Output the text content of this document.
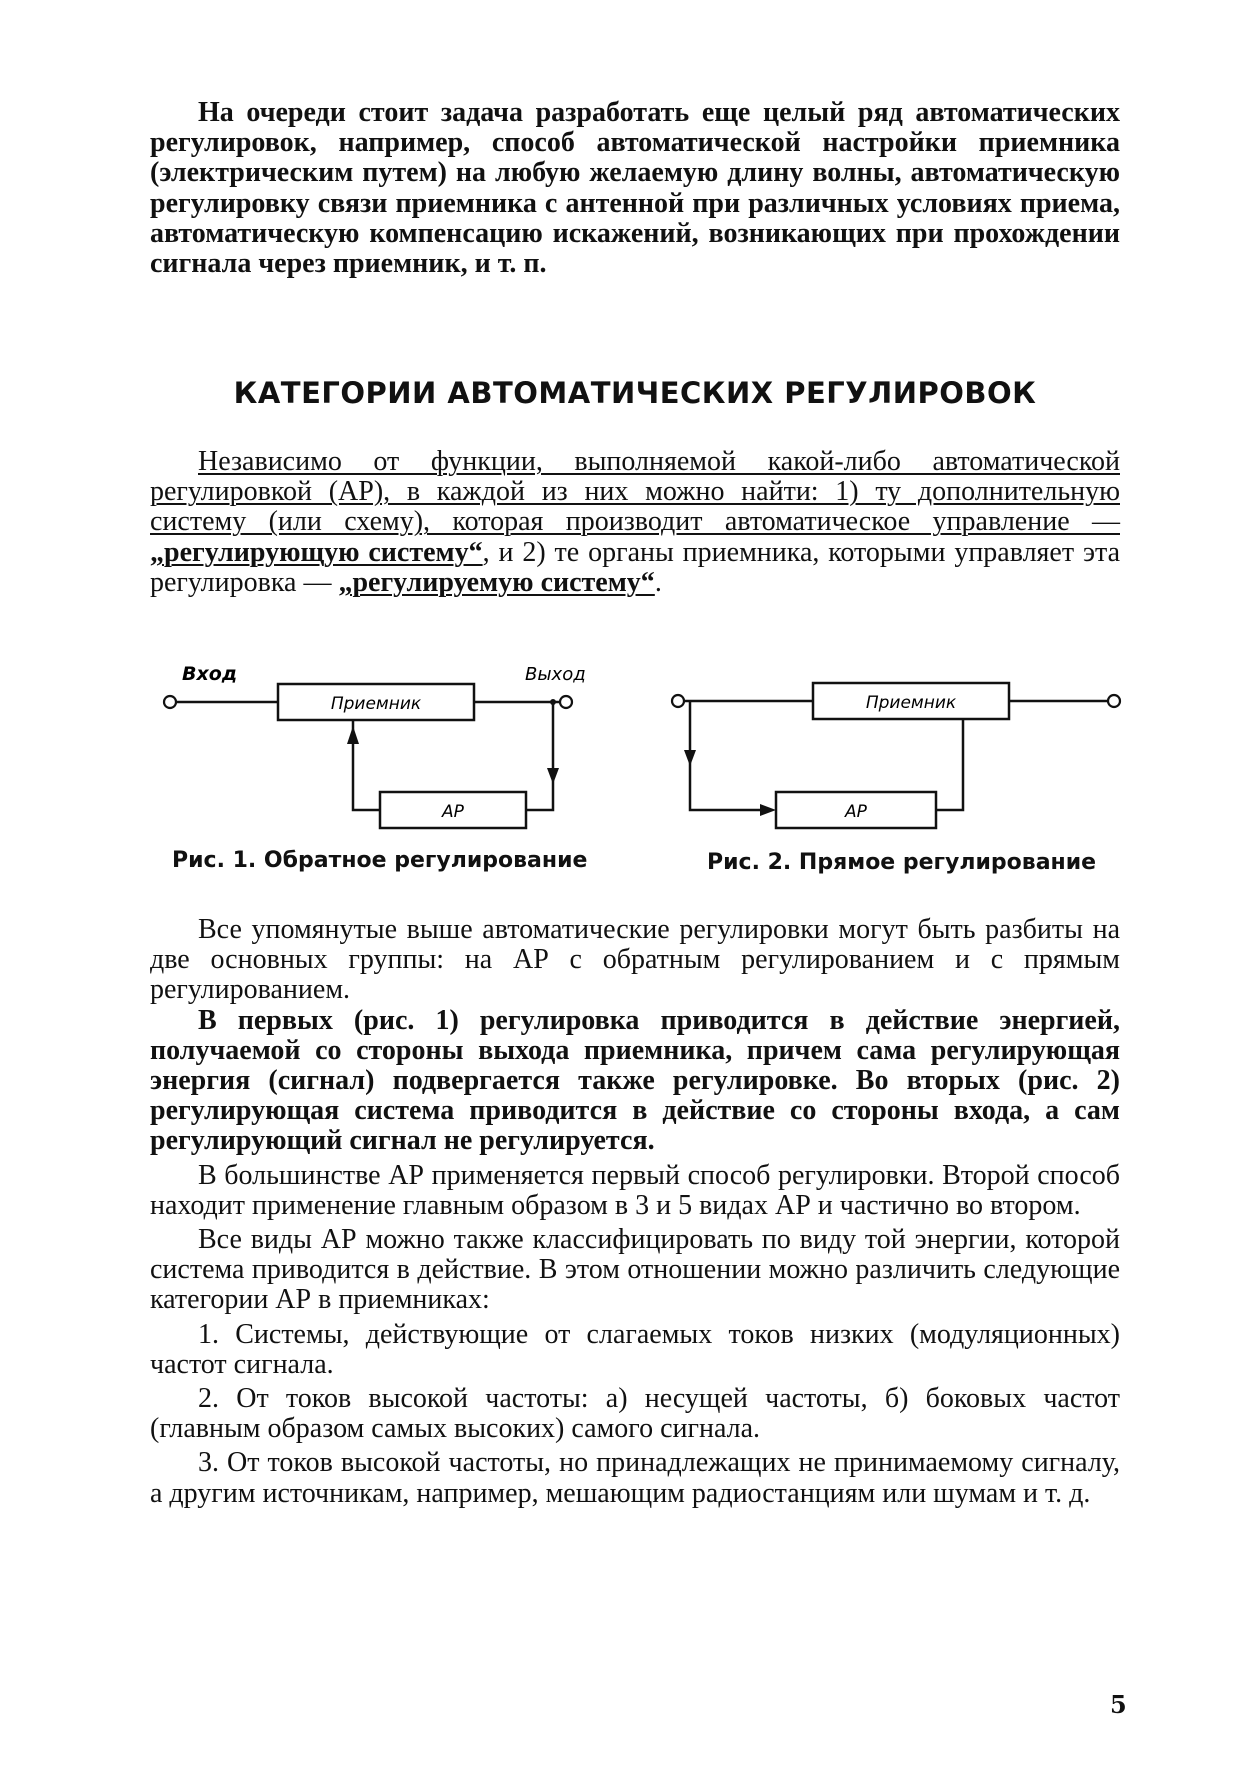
На очереди стоит задача разработать еще целый ряд автоматических регулировок, например, способ автоматической настройки приемника (электрическим путем) на любую желаемую длину волны, автоматическую регулировку связи приемника с антенной при различных условиях приема, автоматическую компенсацию искажений, возникающих при прохождении сигнала через приемник, и т. п.

КАТЕГОРИИ АВТОМАТИЧЕСКИХ РЕГУЛИРОВОК

Независимо от функции, выполняемой какой-либо автоматической регулировкой (АР), в каждой из них можно найти: 1) ту дополнительную систему (или схему), которая производит автоматическое управление — „регулирующую систему“, и 2) те органы приемника, которыми управляет эта регулировка — „регулируемую систему“.

Вход	Выход
Приемник
АР
Приемник
АР
Рис. 1. Обратное регулирование	Рис. 2. Прямое регулирование

Все упомянутые выше автоматические регулировки могут быть разбиты на две основных группы: на АР с обратным регулированием и с прямым регулированием.

В первых (рис. 1) регулировка приводится в действие энергией, получаемой со стороны выхода приемника, причем сама регулирующая энергия (сигнал) подвергается также регулировке. Во вторых (рис. 2) регулирующая система приводится в действие со стороны входа, а сам регулирующий сигнал не регулируется.

В большинстве АР применяется первый способ регулировки. Второй способ находит применение главным образом в 3 и 5 видах АР и частично во втором.

Все виды АР можно также классифицировать по виду той энергии, которой система приводится в действие. В этом отношении можно различить следующие категории АР в приемниках:

1. Системы, действующие от слагаемых токов низких (модуляционных) частот сигнала.

2. От токов высокой частоты: а) несущей частоты, б) боковых частот (главным образом самых высоких) самого сигнала.

3. От токов высокой частоты, но принадлежащих не принимаемому сигналу, а другим источникам, например, мешающим радиостанциям или шумам и т. д.

5
